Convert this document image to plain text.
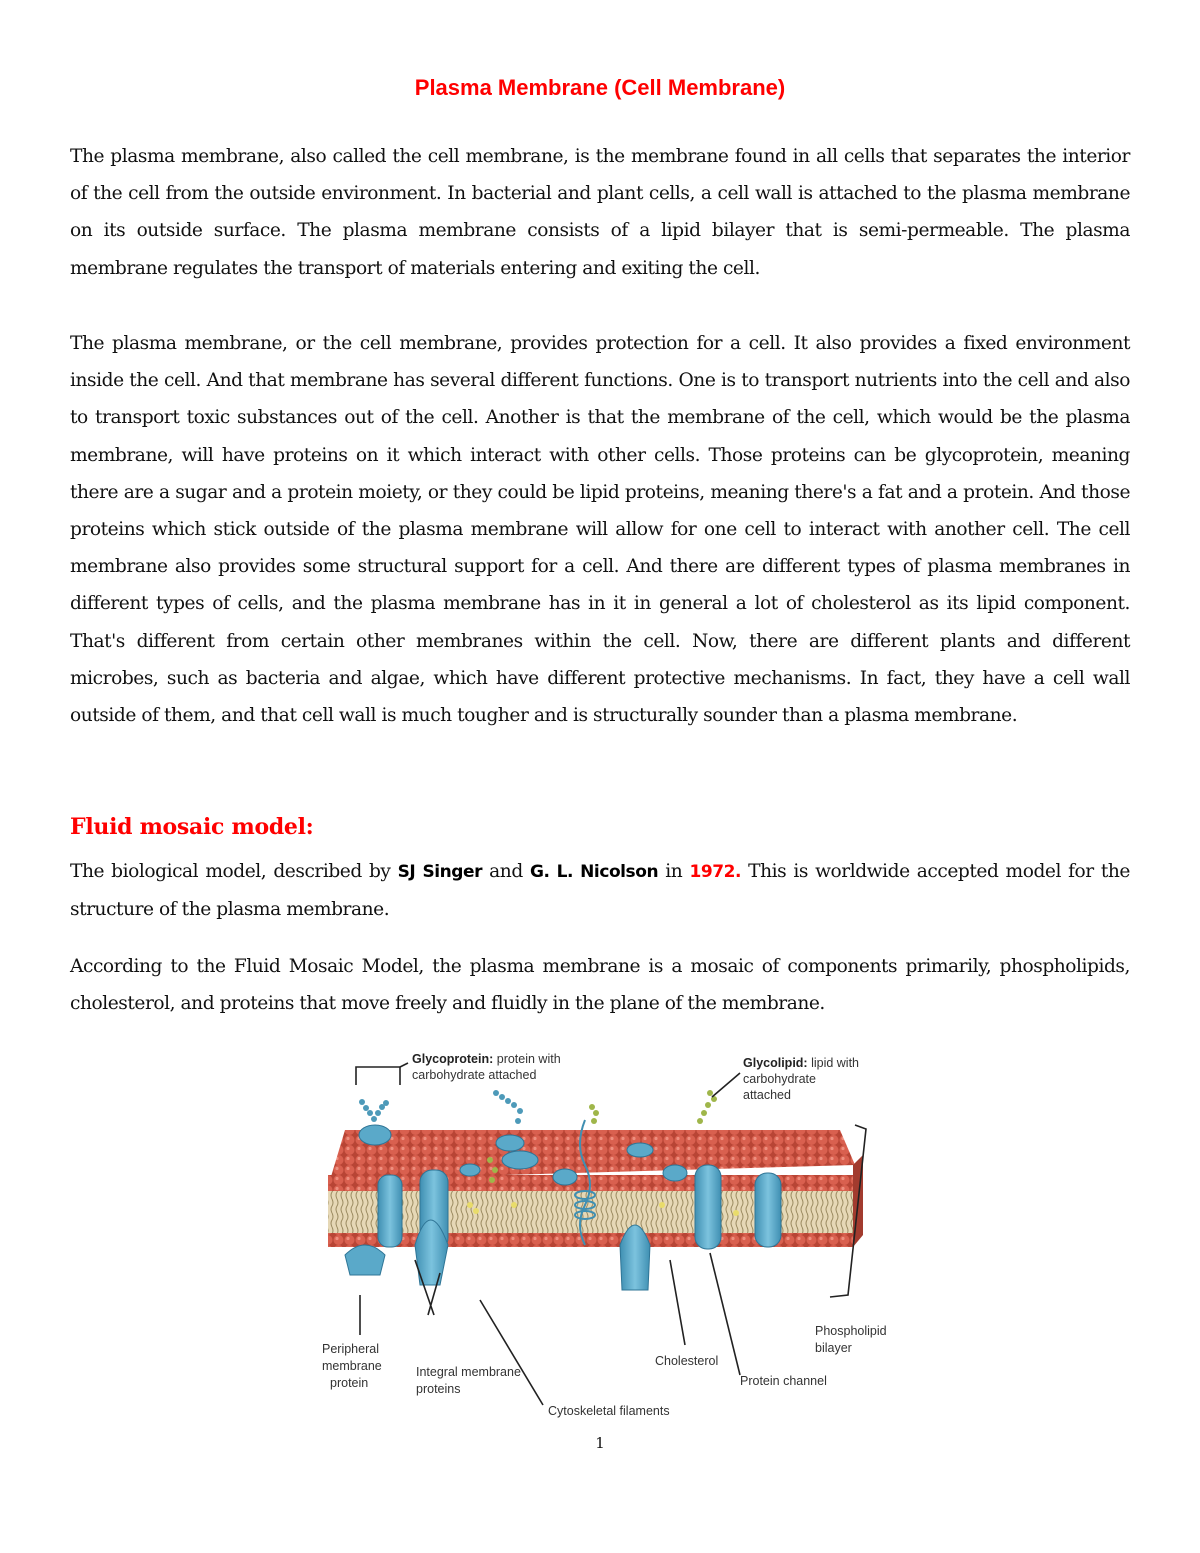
Plasma Membrane (Cell Membrane)

The plasma membrane, also called the cell membrane, is the membrane found in all cells that separates the interior of the cell from the outside environment. In bacterial and plant cells, a cell wall is attached to the plasma membrane on its outside surface. The plasma membrane consists of a lipid bilayer that is semi-permeable. The plasma membrane regulates the transport of materials entering and exiting the cell.

The plasma membrane, or the cell membrane, provides protection for a cell. It also provides a fixed environment inside the cell. And that membrane has several different functions. One is to transport nutrients into the cell and also to transport toxic substances out of the cell. Another is that the membrane of the cell, which would be the plasma membrane, will have proteins on it which interact with other cells. Those proteins can be glycoprotein, meaning there are a sugar and a protein moiety, or they could be lipid proteins, meaning there's a fat and a protein. And those proteins which stick outside of the plasma membrane will allow for one cell to interact with another cell. The cell membrane also provides some structural support for a cell. And there are different types of plasma membranes in different types of cells, and the plasma membrane has in it in general a lot of cholesterol as its lipid component. That's different from certain other membranes within the cell. Now, there are different plants and different microbes, such as bacteria and algae, which have different protective mechanisms. In fact, they have a cell wall outside of them, and that cell wall is much tougher and is structurally sounder than a plasma membrane.

Fluid mosaic model:

The biological model, described by SJ Singer and G. L. Nicolson in 1972. This is worldwide accepted model for the structure of the plasma membrane.

According to the Fluid Mosaic Model, the plasma membrane is a mosaic of components primarily, phospholipids, cholesterol, and proteins that move freely and fluidly in the plane of the membrane.

Glycoprotein: protein with
carbohydrate attached
Glycolipid: lipid with
carbohydrate
attached
Peripheral
membrane
protein
Integral membrane
proteins
Cholesterol
Protein channel
Phospholipid
bilayer
Cytoskeletal filaments

1
